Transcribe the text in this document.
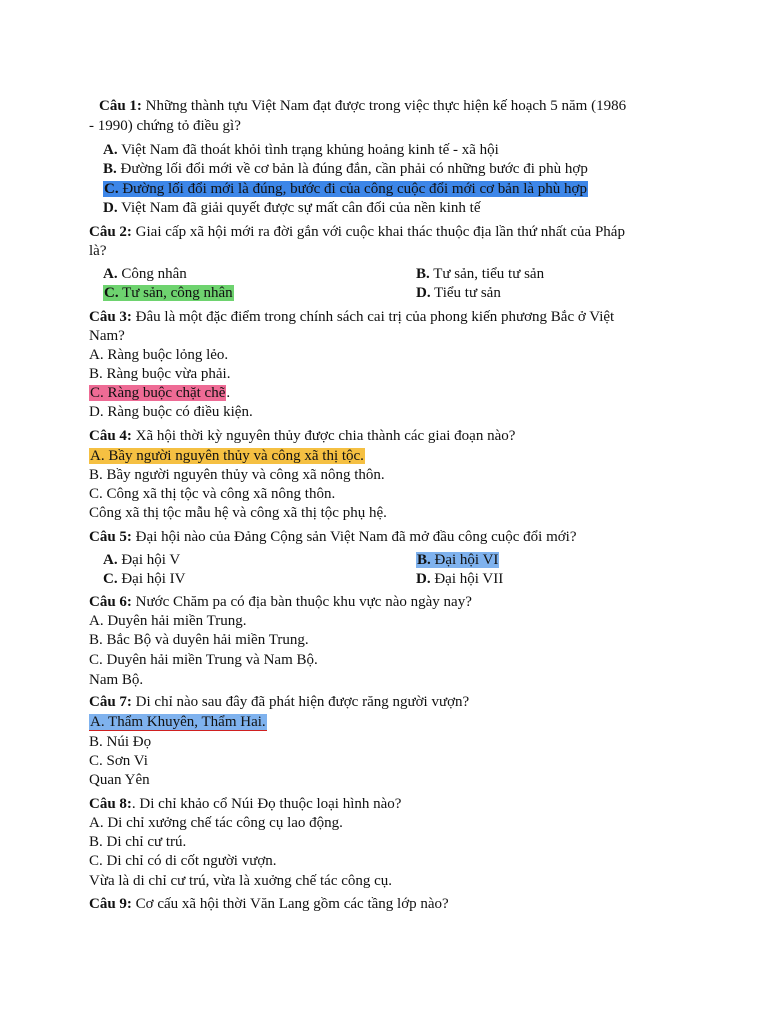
Câu 1: Những thành tựu Việt Nam đạt được trong việc thực hiện kế hoạch 5 năm (1986
- 1990) chứng tỏ điều gì?
A. Việt Nam đã thoát khỏi tình trạng khủng hoảng kinh tế - xã hội
B. Đường lối đổi mới về cơ bản là đúng đắn, cần phải có những bước đi phù hợp
C. Đường lối đổi mới là đúng, bước đi của công cuộc đổi mới cơ bản là phù hợp
D. Việt Nam đã giải quyết được sự mất cân đối của nền kinh tế
Câu 2: Giai cấp xã hội mới ra đời gắn với cuộc khai thác thuộc địa lần thứ nhất của Pháp
là?
A. Công nhân	B. Tư sản, tiểu tư sản
C. Tư sản, công nhân	D. Tiểu tư sản
Câu 3: Đâu là một đặc điểm trong chính sách cai trị của phong kiến phương Bắc ở Việt
Nam?
A. Ràng buộc lỏng lẻo.
B. Ràng buộc vừa phải.
C. Ràng buộc chặt chẽ.
D. Ràng buộc có điều kiện.
Câu 4: Xã hội thời kỳ nguyên thủy được chia thành các giai đoạn nào?
A. Bầy người nguyên thủy và công xã thị tộc.
B. Bầy người nguyên thủy và công xã nông thôn.
C. Công xã thị tộc và công xã nông thôn.
Công xã thị tộc mẫu hệ và công xã thị tộc phụ hệ.
Câu 5: Đại hội nào của Đảng Cộng sản Việt Nam đã mở đầu công cuộc đổi mới?
A. Đại hội V	B. Đại hội VI
C. Đại hội IV	D. Đại hội VII
Câu 6: Nước Chăm pa có địa bàn thuộc khu vực nào ngày nay?
A. Duyên hải miền Trung.
B. Bắc Bộ và duyên hải miền Trung.
C. Duyên hải miền Trung và Nam Bộ.
Nam Bộ.
Câu 7: Di chỉ nào sau đây đã phát hiện được răng người vượn?
A. Thẩm Khuyên, Thẩm Hai.
B. Núi Đọ
C. Sơn Vi
Quan Yên
Câu 8:. Di chỉ khảo cổ Núi Đọ thuộc loại hình nào?
A. Di chỉ xưởng chế tác công cụ lao động.
B. Di chỉ cư trú.
C. Di chỉ có di cốt người vượn.
Vừa là di chỉ cư trú, vừa là xuởng chế tác công cụ.
Câu 9: Cơ cấu xã hội thời Văn Lang gồm các tầng lớp nào?
